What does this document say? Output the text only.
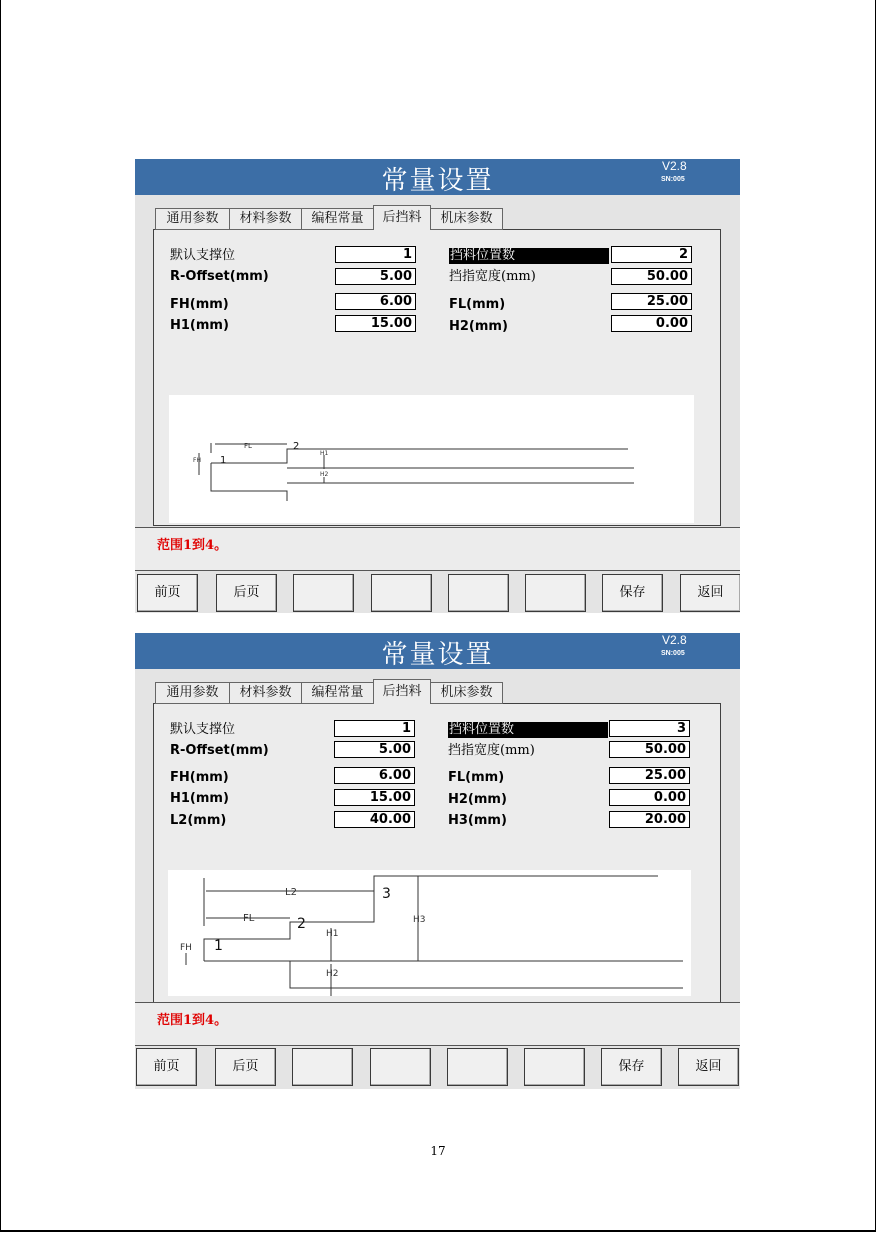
常量设置	V2.8
SN:005
通用参数	材料参数	编程常量	后挡料	机床参数
默认支撑位	1	挡料位置数	2
R-Offset(mm)	5.00	挡指宽度(mm)	50.00
FH(mm)	6.00	FL(mm)	25.00
H1(mm)	15.00	H2(mm)	0.00
FL
FH
H1
H2
1
2
范围1到4。
前页	后页	保存	返回
常量设置	V2.8
SN:005
通用参数	材料参数	编程常量	后挡料	机床参数
默认支撑位	1	挡料位置数	3
R-Offset(mm)	5.00	挡指宽度(mm)	50.00
FH(mm)	6.00	FL(mm)	25.00
H1(mm)	15.00	H2(mm)	0.00
L2(mm)	40.00	H3(mm)	20.00
L2
FL
FH
H1
H2
H3
1
2
3
范围1到4。
前页	后页	保存	返回
17
